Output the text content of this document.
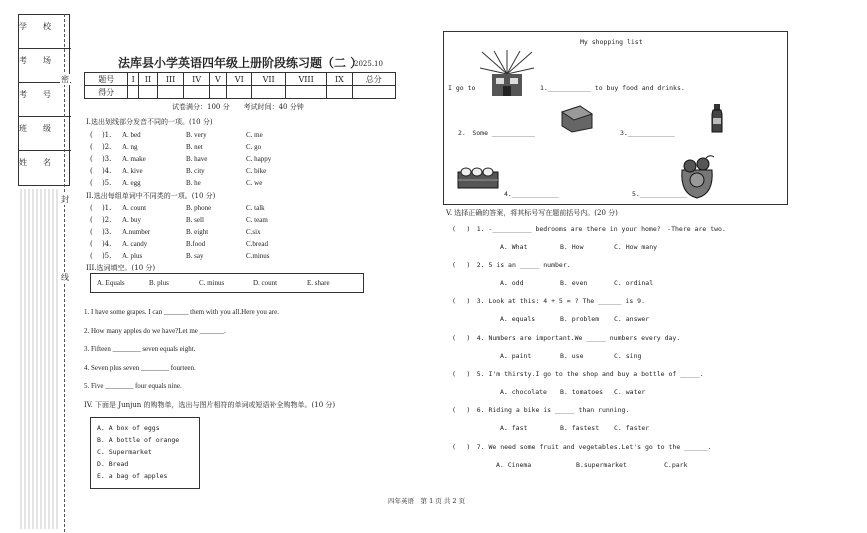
学　　校
考　　场
考　　号
班　　级
姓　　名
密
封
线
法库县小学英语四年级上册阶段练习题（二 ）
2025.10
题号	I	II	III	IV	V	VI	VII	VIII	IX	总分
得分										
试卷满分：100 分　　考试时间：40 分钟
I.选出划线部分发音不同的一项。(10 分)
(　 )1. A. bed	B. very	C. me
(　 )2. A. ng	B. net	C. go
(　 )3. A. make	B. have	C. happy
(　 )4. A. kive	B. city	C. bike
(　 )5. A. egg	B. he	C. we
II.选出每组单词中不同类的一项。(10 分)
(　 )1. A. count	B. phone	C. talk
(　 )2. A. buy	B. sell	C. team
(　 )3. A.number	B. eight	C.six
(　 )4. A. candy	B.food	C.bread
(　 )5. A. plus	B. say	C.minus
III.选词填空。(10 分)
A. Equals	B. plus	C. minus	D. count	E. share
1. I have some grapes. I can _______ them with you all.Here you are.
2. How many apples do we have?Let me _______.
3. Fifteen ________ seven equals eight.
4. Seven plus seven ________ fourteen.
5. Five ________ four equals nine.
IV. 下面是 Junjun 的购物单，选出与图片相符的单词或短语补全购物单。(10 分)
A. A box of eggs
B. A bottle of orange
C. Supermarket
D. Bread
E. a bag of apples
My shopping list
I go to	1.___________ to buy food and drinks.
2.　Some ___________	3.____________
4.____________	5.____________
V. 选择正确的答案，将其标号写在题前括号内。(20 分)
(　 )　1. -__________ bedrooms are there in your home?　-There are two.
A. What	B. How	C. How many
(　 )　2. 5 is an _____ number.
A. odd	B. even	C. ordinal
(　 )　3. Look at this: 4 + 5 = ? The ______ is 9.
A. equals	B. problem C. answer
(　 )　4. Numbers are important.We _____ numbers every day.
A. paint	B. use	C. sing
(　 )　5. I'm thirsty.I go to the shop and buy a bottle of _____.
A. chocolate B. tomatoes C. water
(　 )　6. Riding a bike is _____ than running.
A. fast	B. fastest C. faster
(　 )　7. We need some fruit and vegetables.Let's go to the ______.
A. Cinema	B.supermarket	C.park
四年英语　第 1 页 共 2 页
